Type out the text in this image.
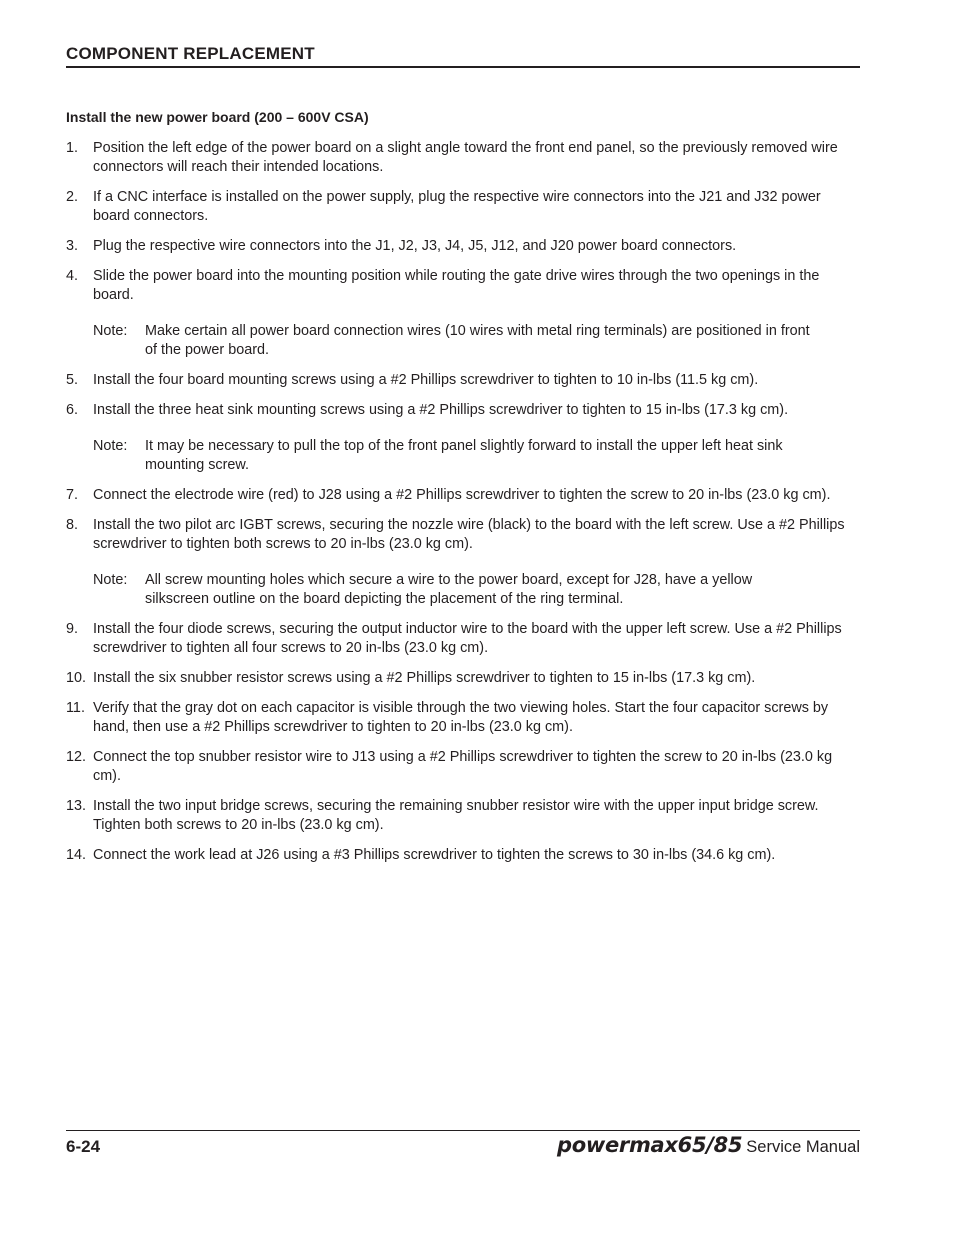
COMPONENT REPLACEMENT
Install the new power board (200 – 600V CSA)
1. Position the left edge of the power board on a slight angle toward the front end panel, so the previously removed wire connectors will reach their intended locations.
2. If a CNC interface is installed on the power supply, plug the respective wire connectors into the J21 and J32 power board connectors.
3. Plug the respective wire connectors into the J1, J2, J3, J4, J5, J12, and J20 power board connectors.
4. Slide the power board into the mounting position while routing the gate drive wires through the two openings in the board.
Note: Make certain all power board connection wires (10 wires with metal ring terminals) are positioned in front of the power board.
5. Install the four board mounting screws using a #2 Phillips screwdriver to tighten to 10 in-lbs (11.5 kg cm).
6. Install the three heat sink mounting screws using a #2 Phillips screwdriver to tighten to 15 in-lbs (17.3 kg cm).
Note: It may be necessary to pull the top of the front panel slightly forward to install the upper left heat sink mounting screw.
7. Connect the electrode wire (red) to J28 using a #2 Phillips screwdriver to tighten the screw to 20 in-lbs (23.0 kg cm).
8. Install the two pilot arc IGBT screws, securing the nozzle wire (black) to the board with the left screw. Use a #2 Phillips screwdriver to tighten both screws to 20 in-lbs (23.0 kg cm).
Note: All screw mounting holes which secure a wire to the power board, except for J28, have a yellow silkscreen outline on the board depicting the placement of the ring terminal.
9. Install the four diode screws, securing the output inductor wire to the board with the upper left screw. Use a #2 Phillips screwdriver to tighten all four screws to 20 in-lbs (23.0 kg cm).
10. Install the six snubber resistor screws using a #2 Phillips screwdriver to tighten to 15 in-lbs (17.3 kg cm).
11. Verify that the gray dot on each capacitor is visible through the two viewing holes. Start the four capacitor screws by hand, then use a #2 Phillips screwdriver to tighten to 20 in-lbs (23.0 kg cm).
12. Connect the top snubber resistor wire to J13 using a #2 Phillips screwdriver to tighten the screw to 20 in-lbs (23.0 kg cm).
13. Install the two input bridge screws, securing the remaining snubber resistor wire with the upper input bridge screw. Tighten both screws to 20 in-lbs (23.0 kg cm).
14. Connect the work lead at J26 using a #3 Phillips screwdriver to tighten the screws to 30 in-lbs (34.6 kg cm).
6-24	powermax65/85 Service Manual
